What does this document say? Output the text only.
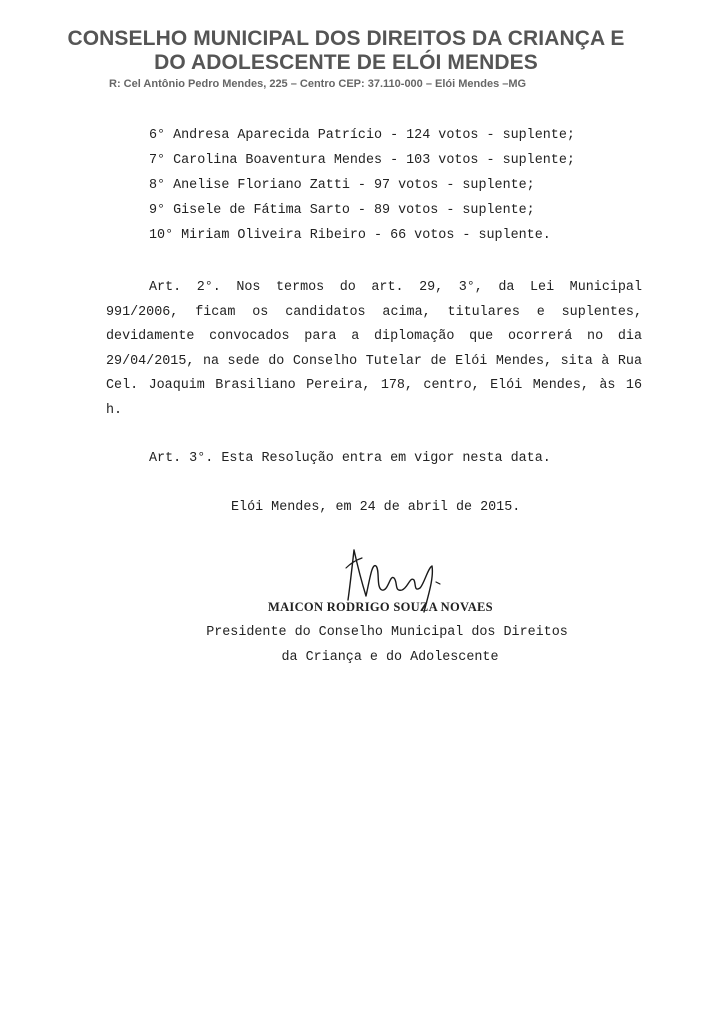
CONSELHO MUNICIPAL DOS DIREITOS DA CRIANÇA E
DO ADOLESCENTE DE ELÓI MENDES
R: Cel Antônio Pedro Mendes, 225 – Centro CEP: 37.110-000 – Elói Mendes –MG
6° Andresa Aparecida Patrício - 124 votos - suplente;
7° Carolina Boaventura Mendes - 103 votos - suplente;
8° Anelise Floriano Zatti - 97 votos - suplente;
9° Gisele de Fátima Sarto - 89 votos - suplente;
10° Miriam Oliveira Ribeiro - 66 votos - suplente.
Art. 2°. Nos termos do art. 29, 3°, da Lei Municipal 991/2006, ficam os candidatos acima, titulares e suplentes, devidamente convocados para a diplomação que ocorrerá no dia 29/04/2015, na sede do Conselho Tutelar de Elói Mendes, sita à Rua Cel. Joaquim Brasiliano Pereira, 178, centro, Elói Mendes, às 16 h.
Art. 3°. Esta Resolução entra em vigor nesta data.
Elói Mendes, em 24 de abril de 2015.
MAICON RODRIGO SOUZA NOVAES
Presidente do Conselho Municipal dos Direitos
da Criança e do Adolescente
